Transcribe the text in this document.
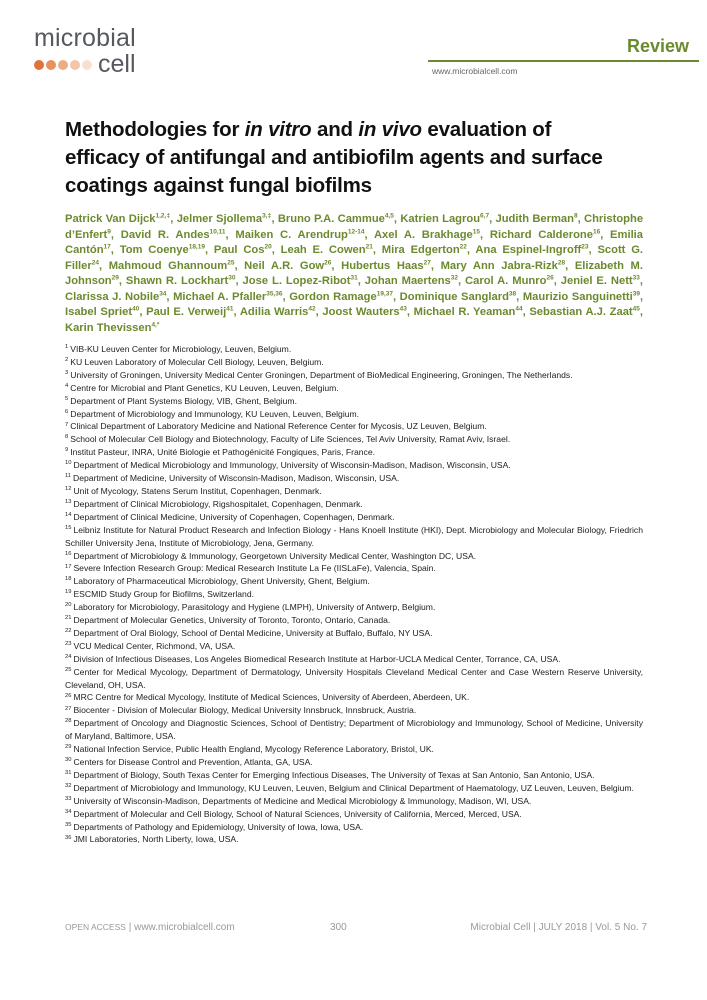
microbial
cell
Review
www.microbialcell.com
Methodologies for in vitro and in vivo evaluation of efficacy of antifungal and antibiofilm agents and surface coatings against fungal biofilms
Patrick Van Dijck$^{1,2,\ddagger}$, Jelmer Sjollema$^{3,\ddagger}$, Bruno P.A. Cammue$^{4,5}$, Katrien Lagrou$^{6,7}$, Judith Berman$^8$, Christophe d’Enfert$^9$, David R. Andes$^{10,11}$, Maiken C. Arendrup$^{12-14}$, Axel A. Brakhage$^{15}$, Richard Calderone$^{16}$, Emilia Cantón$^{17}$, Tom Coenye$^{18,19}$, Paul Cos$^{20}$, Leah E. Cowen$^{21}$, Mira Edgerton$^{22}$, Ana Espinel-Ingroff$^{23}$, Scott G. Filler$^{24}$, Mahmoud Ghannoum$^{25}$, Neil A.R. Gow$^{26}$, Hubertus Haas$^{27}$, Mary Ann Jabra-Rizk$^{28}$, Elizabeth M. Johnson$^{29}$, Shawn R. Lockhart$^{30}$, Jose L. Lopez-Ribot$^{31}$, Johan Maertens$^{32}$, Carol A. Munro$^{26}$, Jeniel E. Nett$^{33}$, Clarissa J. Nobile$^{34}$, Michael A. Pfaller$^{35,36}$, Gordon Ramage$^{19,37}$, Dominique Sanglard$^{38}$, Maurizio Sanguinetti$^{39}$, Isabel Spriet$^{40}$, Paul E. Verweij$^{41}$, Adilia Warris$^{42}$, Joost Wauters$^{43}$, Michael R. Yeaman$^{44}$, Sebastian A.J. Zaat$^{45}$, Karin Thevissen$^{4,*}$
$^1$ VIB-KU Leuven Center for Microbiology, Leuven, Belgium.
$^2$ KU Leuven Laboratory of Molecular Cell Biology, Leuven, Belgium.
$^3$ University of Groningen, University Medical Center Groningen, Department of BioMedical Engineering, Groningen, The Netherlands.
$^4$ Centre for Microbial and Plant Genetics, KU Leuven, Leuven, Belgium.
$^5$ Department of Plant Systems Biology, VIB, Ghent, Belgium.
$^6$ Department of Microbiology and Immunology, KU Leuven, Leuven, Belgium.
$^7$ Clinical Department of Laboratory Medicine and National Reference Center for Mycosis, UZ Leuven, Belgium.
$^8$ School of Molecular Cell Biology and Biotechnology, Faculty of Life Sciences, Tel Aviv University, Ramat Aviv, Israel.
$^9$ Institut Pasteur, INRA, Unité Biologie et Pathogénicité Fongiques, Paris, France.
$^{10}$ Department of Medical Microbiology and Immunology, University of Wisconsin-Madison, Madison, Wisconsin, USA.
$^{11}$ Department of Medicine, University of Wisconsin-Madison, Madison, Wisconsin, USA.
$^{12}$ Unit of Mycology, Statens Serum Institut, Copenhagen, Denmark.
$^{13}$ Department of Clinical Microbiology, Rigshospitalet, Copenhagen, Denmark.
$^{14}$ Department of Clinical Medicine, University of Copenhagen, Copenhagen, Denmark.
$^{15}$ Leibniz Institute for Natural Product Research and Infection Biology - Hans Knoell Institute (HKI), Dept. Microbiology and Molecular Biology, Friedrich Schiller University Jena, Institute of Microbiology, Jena, Germany.
$^{16}$ Department of Microbiology & Immunology, Georgetown University Medical Center, Washington DC, USA.
$^{17}$ Severe Infection Research Group: Medical Research Institute La Fe (IISLaFe), Valencia, Spain.
$^{18}$ Laboratory of Pharmaceutical Microbiology, Ghent University, Ghent, Belgium.
$^{19}$ ESCMID Study Group for Biofilms, Switzerland.
$^{20}$ Laboratory for Microbiology, Parasitology and Hygiene (LMPH), University of Antwerp, Belgium.
$^{21}$ Department of Molecular Genetics, University of Toronto, Toronto, Ontario, Canada.
$^{22}$ Department of Oral Biology, School of Dental Medicine, University at Buffalo, Buffalo, NY USA.
$^{23}$ VCU Medical Center, Richmond, VA, USA.
$^{24}$ Division of Infectious Diseases, Los Angeles Biomedical Research Institute at Harbor-UCLA Medical Center, Torrance, CA, USA.
$^{25}$ Center for Medical Mycology, Department of Dermatology, University Hospitals Cleveland Medical Center and Case Western Reserve University, Cleveland, OH, USA.
$^{26}$ MRC Centre for Medical Mycology, Institute of Medical Sciences, University of Aberdeen, Aberdeen, UK.
$^{27}$ Biocenter - Division of Molecular Biology, Medical University Innsbruck, Innsbruck, Austria.
$^{28}$ Department of Oncology and Diagnostic Sciences, School of Dentistry; Department of Microbiology and Immunology, School of Medicine, University of Maryland, Baltimore, USA.
$^{29}$ National Infection Service, Public Health England, Mycology Reference Laboratory, Bristol, UK.
$^{30}$ Centers for Disease Control and Prevention, Atlanta, GA, USA.
$^{31}$ Department of Biology, South Texas Center for Emerging Infectious Diseases, The University of Texas at San Antonio, San Antonio, USA.
$^{32}$ Department of Microbiology and Immunology, KU Leuven, Leuven, Belgium and Clinical Department of Haematology, UZ Leuven, Leuven, Belgium.
$^{33}$ University of Wisconsin-Madison, Departments of Medicine and Medical Microbiology & Immunology, Madison, WI, USA.
$^{34}$ Department of Molecular and Cell Biology, School of Natural Sciences, University of California, Merced, Merced, USA.
$^{35}$ Departments of Pathology and Epidemiology, University of Iowa, Iowa, USA.
$^{36}$ JMI Laboratories, North Liberty, Iowa, USA.
OPEN ACCESS | www.microbialcell.com	300	Microbial Cell | JULY 2018 | Vol. 5 No. 7
